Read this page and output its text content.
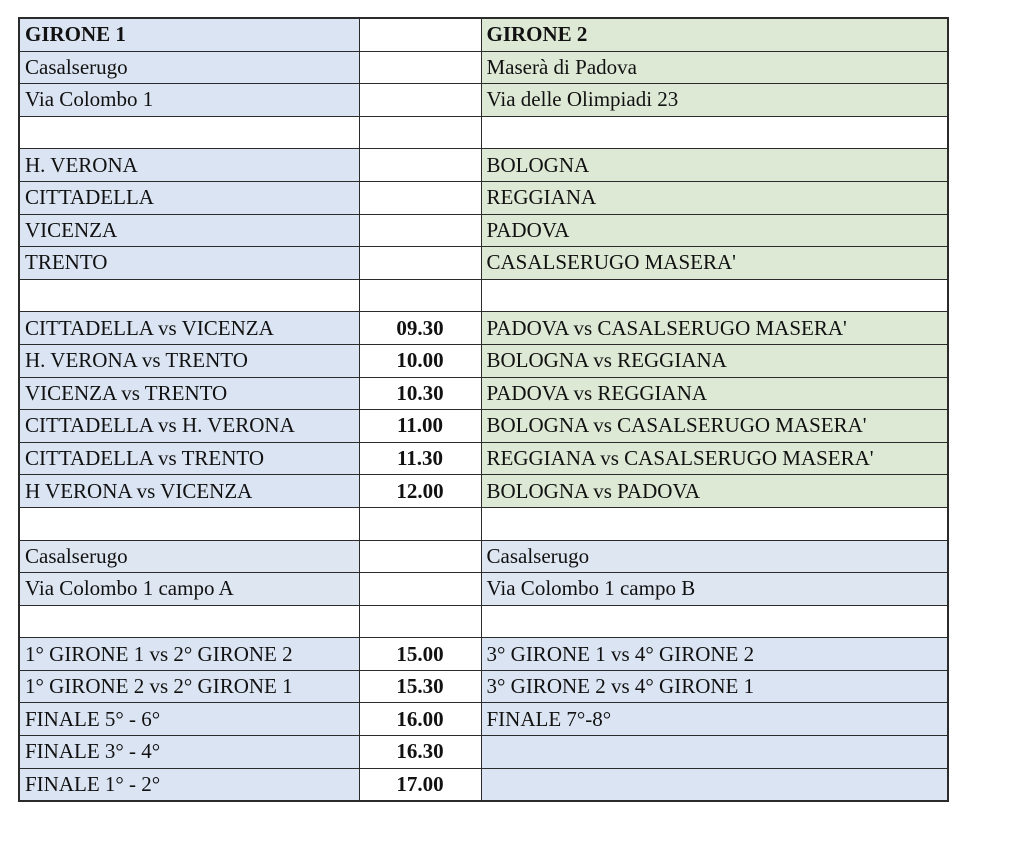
GIRONE 1		GIRONE 2
Casalserugo		Maserà di Padova
Via Colombo 1		Via delle Olimpiadi 23

H. VERONA		BOLOGNA
CITTADELLA		REGGIANA
VICENZA		PADOVA
TRENTO		CASALSERUGO MASERA'

CITTADELLA vs VICENZA	09.30	PADOVA vs CASALSERUGO MASERA'
H. VERONA vs TRENTO	10.00	BOLOGNA vs REGGIANA
VICENZA vs TRENTO	10.30	PADOVA vs REGGIANA
CITTADELLA vs H. VERONA	11.00	BOLOGNA vs CASALSERUGO MASERA'
CITTADELLA vs TRENTO	11.30	REGGIANA vs CASALSERUGO MASERA'
H VERONA vs VICENZA	12.00	BOLOGNA vs PADOVA

Casalserugo		Casalserugo
Via Colombo 1 campo A		Via Colombo 1 campo B

1° GIRONE 1 vs 2° GIRONE 2	15.00	3° GIRONE 1 vs 4° GIRONE 2
1° GIRONE 2 vs 2° GIRONE 1	15.30	3° GIRONE 2 vs 4° GIRONE 1
FINALE 5° - 6°	16.00	FINALE 7°-8°
FINALE 3° - 4°	16.30	
FINALE 1° - 2°	17.00	
